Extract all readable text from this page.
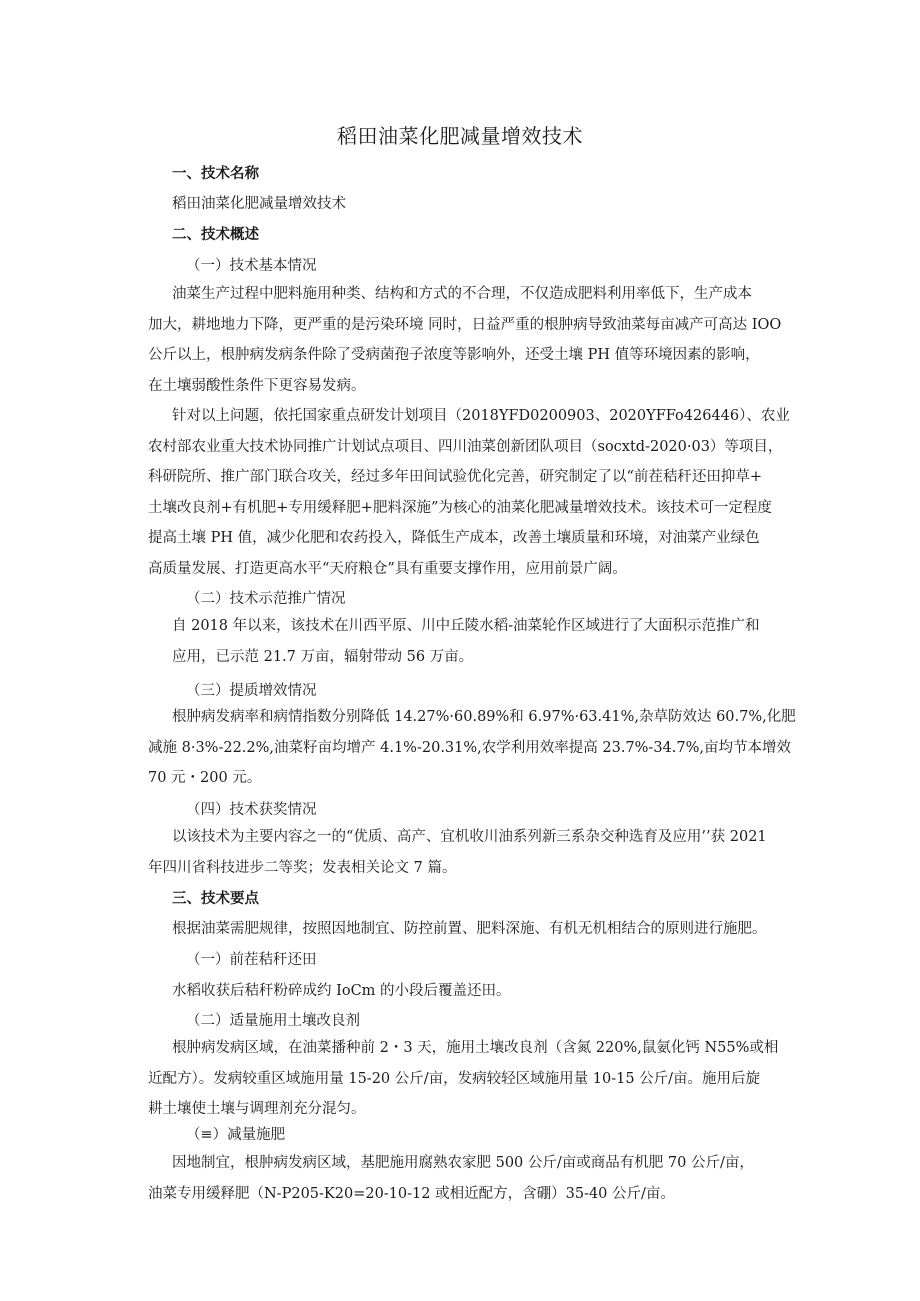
稻田油菜化肥减量增效技术
一、技术名称
稻田油菜化肥减量增效技术
二、技术概述
（一）技术基本情况
油菜生产过程中肥料施用种类、结构和方式的不合理，不仅造成肥料利用率低下，生产成本
加大，耕地地力下降，更严重的是污染环境 同时，日益严重的根肿病导致油菜每亩减产可高达 IOO
公斤以上，根肿病发病条件除了受病菌孢子浓度等影响外，还受土壤 PH 值等环境因素的影响，
在土壤弱酸性条件下更容易发病。
针对以上问题，依托国家重点研发计划项目（2018YFD0200903、2020YFFo426446）、农业
农村部农业重大技术协同推广计划试点项目、四川油菜创新团队项目（socxtd-2020·03）等项目，
科研院所、推广部门联合攻关，经过多年田间试验优化完善，研究制定了以“前茬秸秆还田抑草+
土壤改良剂+有机肥+专用缓释肥+肥料深施”为核心的油菜化肥减量增效技术。该技术可一定程度
提高土壤 PH 值，减少化肥和农药投入，降低生产成本，改善土壤质量和环境，对油菜产业绿色
高质量发展、打造更高水平“天府粮仓”具有重要支撑作用，应用前景广阔。
（二）技术示范推广情况
自 2018 年以来，该技术在川西平原、川中丘陵水稻-油菜轮作区域进行了大面积示范推广和
应用，已示范 21.7 万亩，辐射带动 56 万亩。
（三）提质增效情况
根肿病发病率和病情指数分别降低 14.27%·60.89%和 6.97%·63.41%,杂草防效达 60.7%,化肥
减施 8·3%-22.2%,油菜籽亩均增产 4.1%-20.31%,农学利用效率提高 23.7%-34.7%,亩均节本增效
70 元・200 元。
（四）技术获奖情况
以该技术为主要内容之一的“优质、高产、宜机收川油系列新三系杂交种选育及应用’’获 2021
年四川省科技进步二等奖；发表相关论文 7 篇。
三、技术要点
根据油菜需肥规律，按照因地制宜、防控前置、肥料深施、有机无机相结合的原则进行施肥。
（一）前茬秸秆还田
水稻收获后秸秆粉碎成约 IoCm 的小段后覆盖还田。
（二）适量施用土壤改良剂
根肿病发病区域，在油菜播种前 2・3 天，施用土壤改良剂（含氮 220%,鼠氨化钙 N55%或相
近配方）。发病较重区域施用量 15-20 公斤/亩，发病较轻区域施用量 10-15 公斤/亩。施用后旋
耕土壤使土壤与调理剂充分混匀。
（≡）减量施肥
因地制宜，根肿病发病区域，基肥施用腐熟农家肥 500 公斤/亩或商品有机肥 70 公斤/亩，
油菜专用缓释肥（N-P205-K20=20-10-12 或相近配方，含硼）35-40 公斤/亩。
